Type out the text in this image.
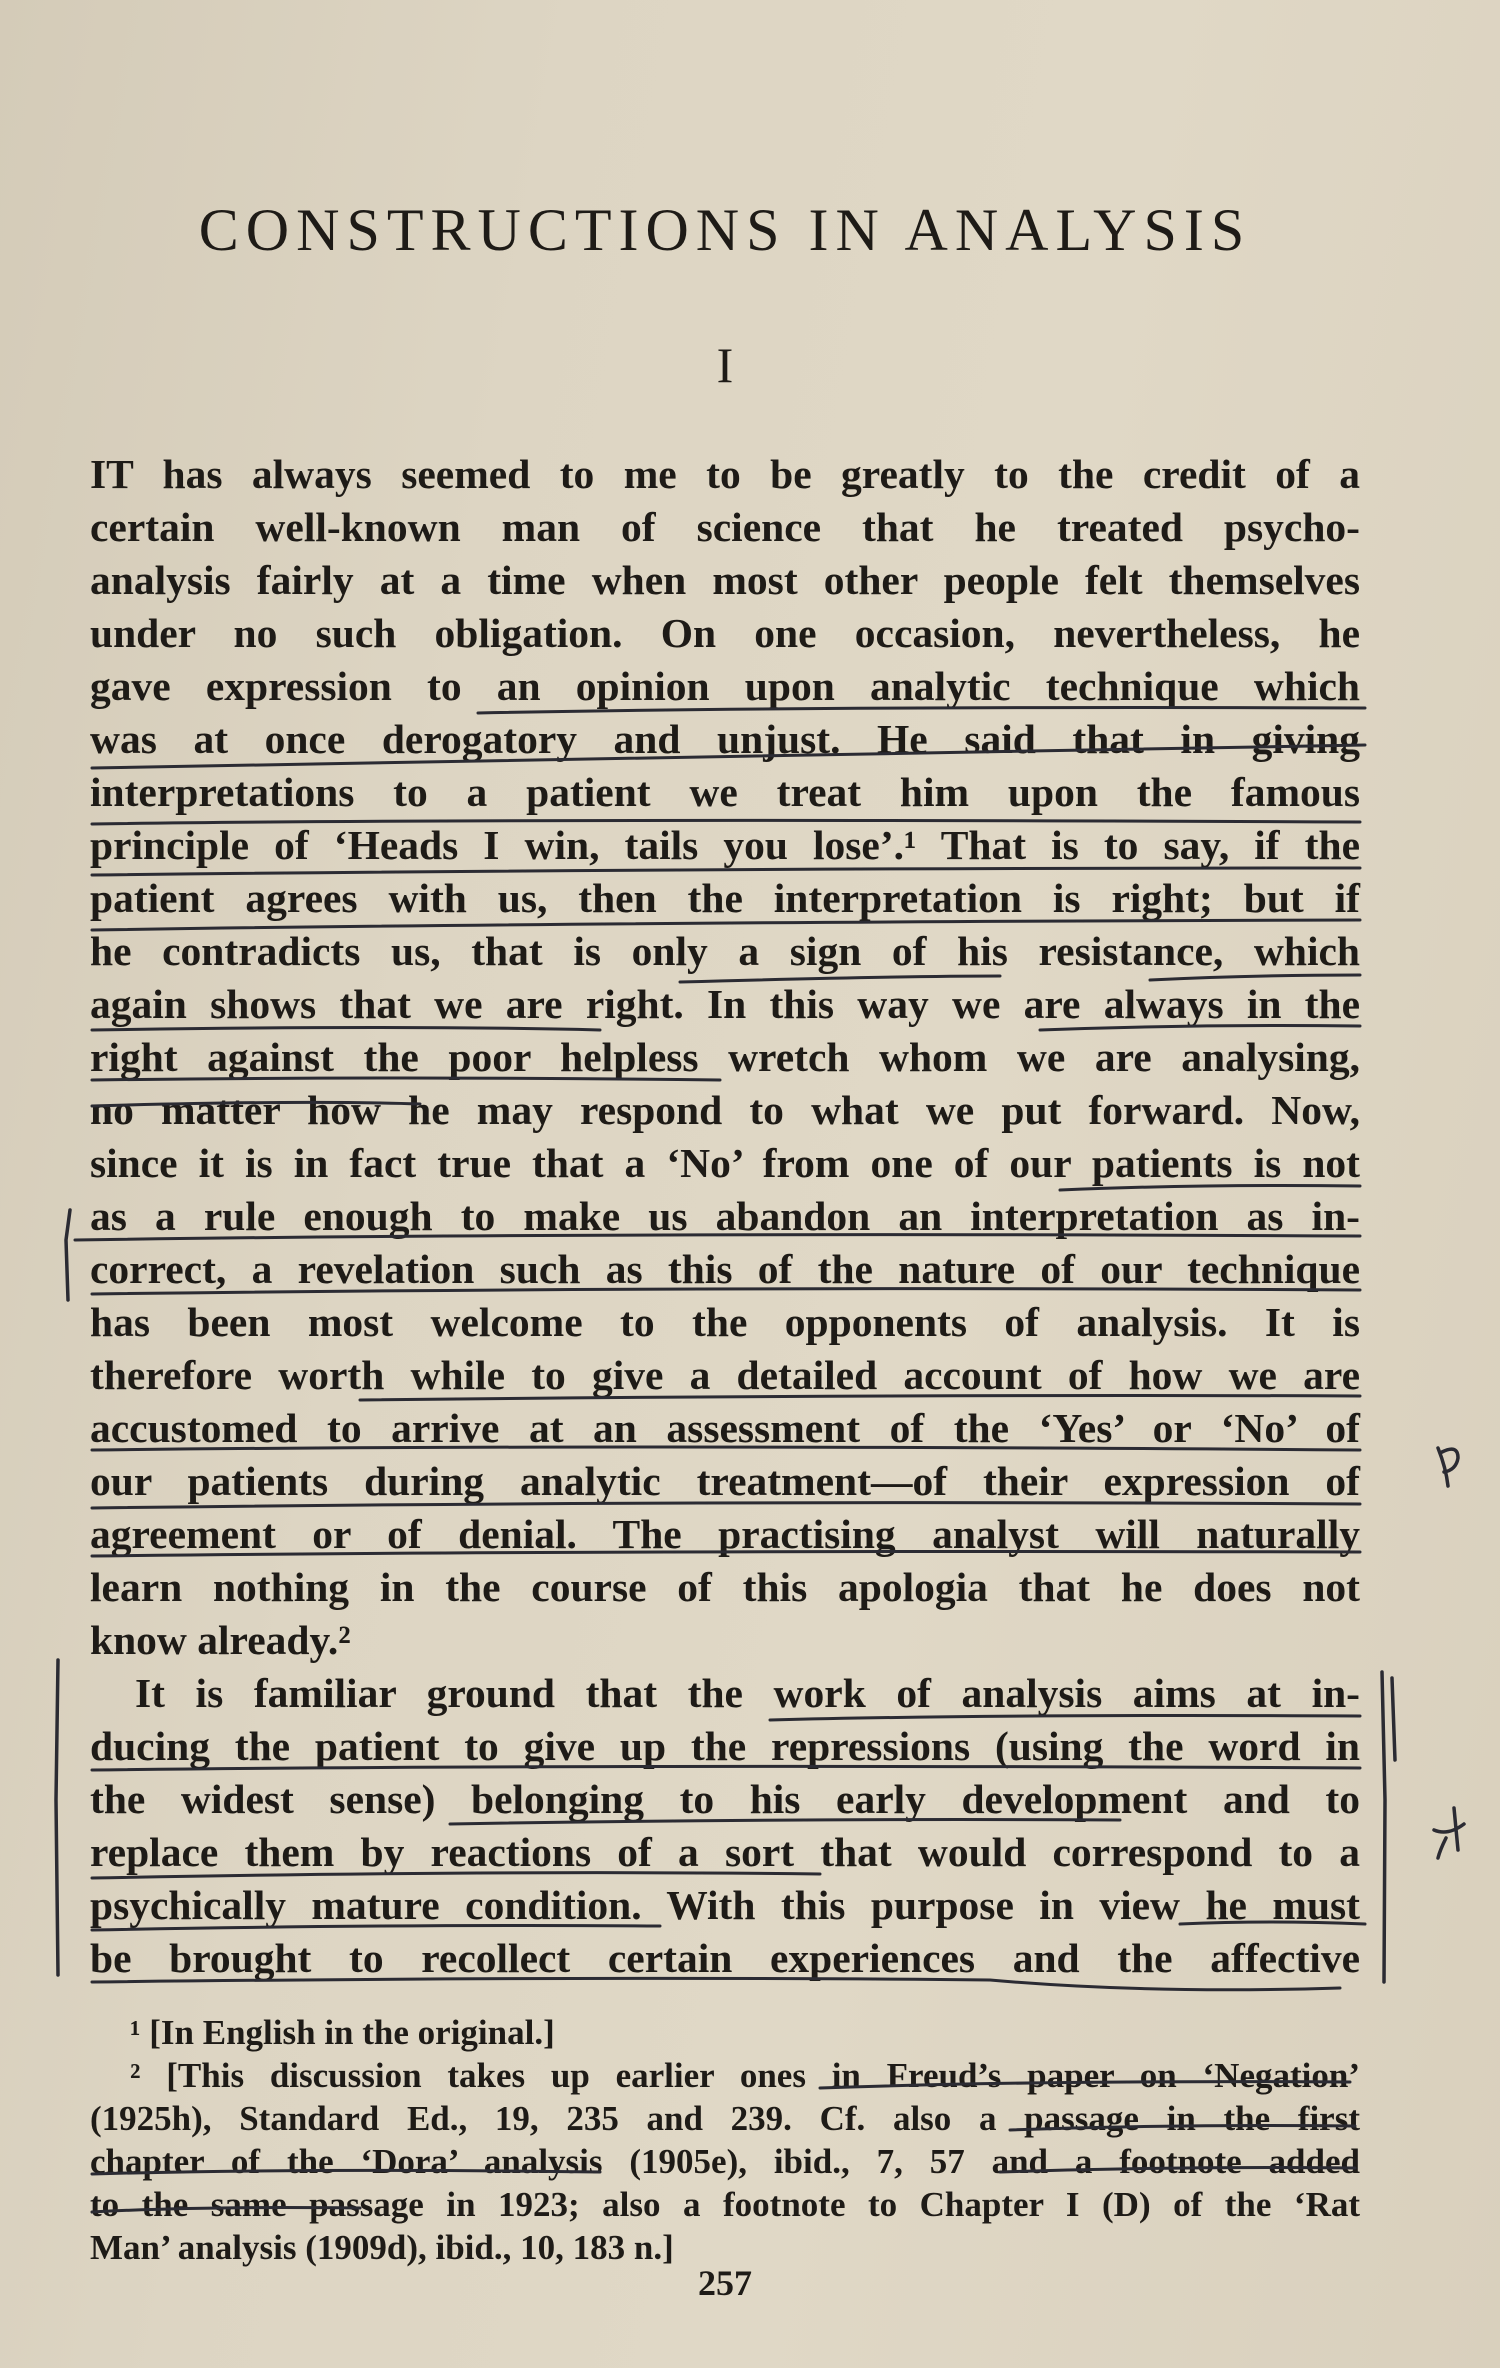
CONSTRUCTIONS IN ANALYSIS
I
IT has always seemed to me to be greatly to the credit of a
certain well-known man of science that he treated psycho-
analysis fairly at a time when most other people felt themselves
under no such obligation. On one occasion, nevertheless, he
gave expression to an opinion upon analytic technique which
was at once derogatory and unjust. He said that in giving
interpretations to a patient we treat him upon the famous
principle of ‘Heads I win, tails you lose’.¹ That is to say, if the
patient agrees with us, then the interpretation is right; but if
he contradicts us, that is only a sign of his resistance, which
again shows that we are right. In this way we are always in the
right against the poor helpless wretch whom we are analysing,
no matter how he may respond to what we put forward. Now,
since it is in fact true that a ‘No’ from one of our patients is not
as a rule enough to make us abandon an interpretation as in-
correct, a revelation such as this of the nature of our technique
has been most welcome to the opponents of analysis. It is
therefore worth while to give a detailed account of how we are
accustomed to arrive at an assessment of the ‘Yes’ or ‘No’ of
our patients during analytic treatment—of their expression of
agreement or of denial. The practising analyst will naturally
learn nothing in the course of this apologia that he does not
know already.²
It is familiar ground that the work of analysis aims at in-
ducing the patient to give up the repressions (using the word in
the widest sense) belonging to his early development and to
replace them by reactions of a sort that would correspond to a
psychically mature condition. With this purpose in view he must
be brought to recollect certain experiences and the affective
¹ [In English in the original.]
² [This discussion takes up earlier ones in Freud’s paper on ‘Negation’
(1925h), Standard Ed., 19, 235 and 239. Cf. also a passage in the first
chapter of the ‘Dora’ analysis (1905e), ibid., 7, 57 and a footnote added
to the same passage in 1923; also a footnote to Chapter I (D) of the ‘Rat
Man’ analysis (1909d), ibid., 10, 183 n.]
257
